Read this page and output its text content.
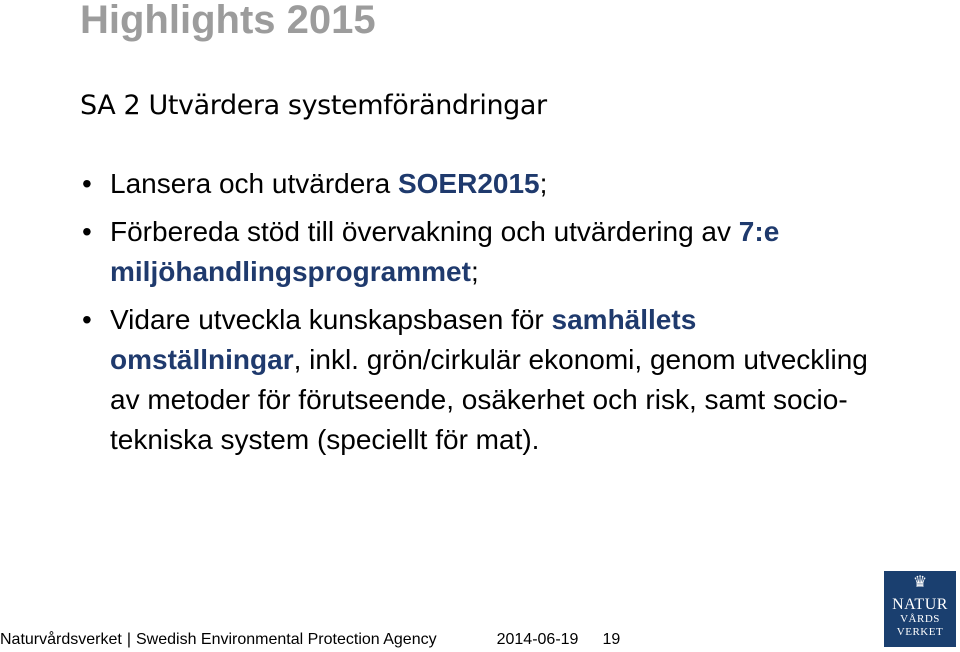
Highlights 2015
SA 2 Utvärdera systemförändringar
• Lansera och utvärdera SOER2015;
• Förbereda stöd till övervakning och utvärdering av 7:e miljöhandlingsprogrammet;
• Vidare utveckla kunskapsbasen för samhällets omställningar, inkl. grön/cirkulär ekonomi, genom utveckling av metoder för förutseende, osäkerhet och risk, samt socio-tekniska system (speciellt för mat).
Naturvårdsverket | Swedish Environmental Protection Agency	2014-06-19 19
♛
NATUR
VÅRDS
VERKET
